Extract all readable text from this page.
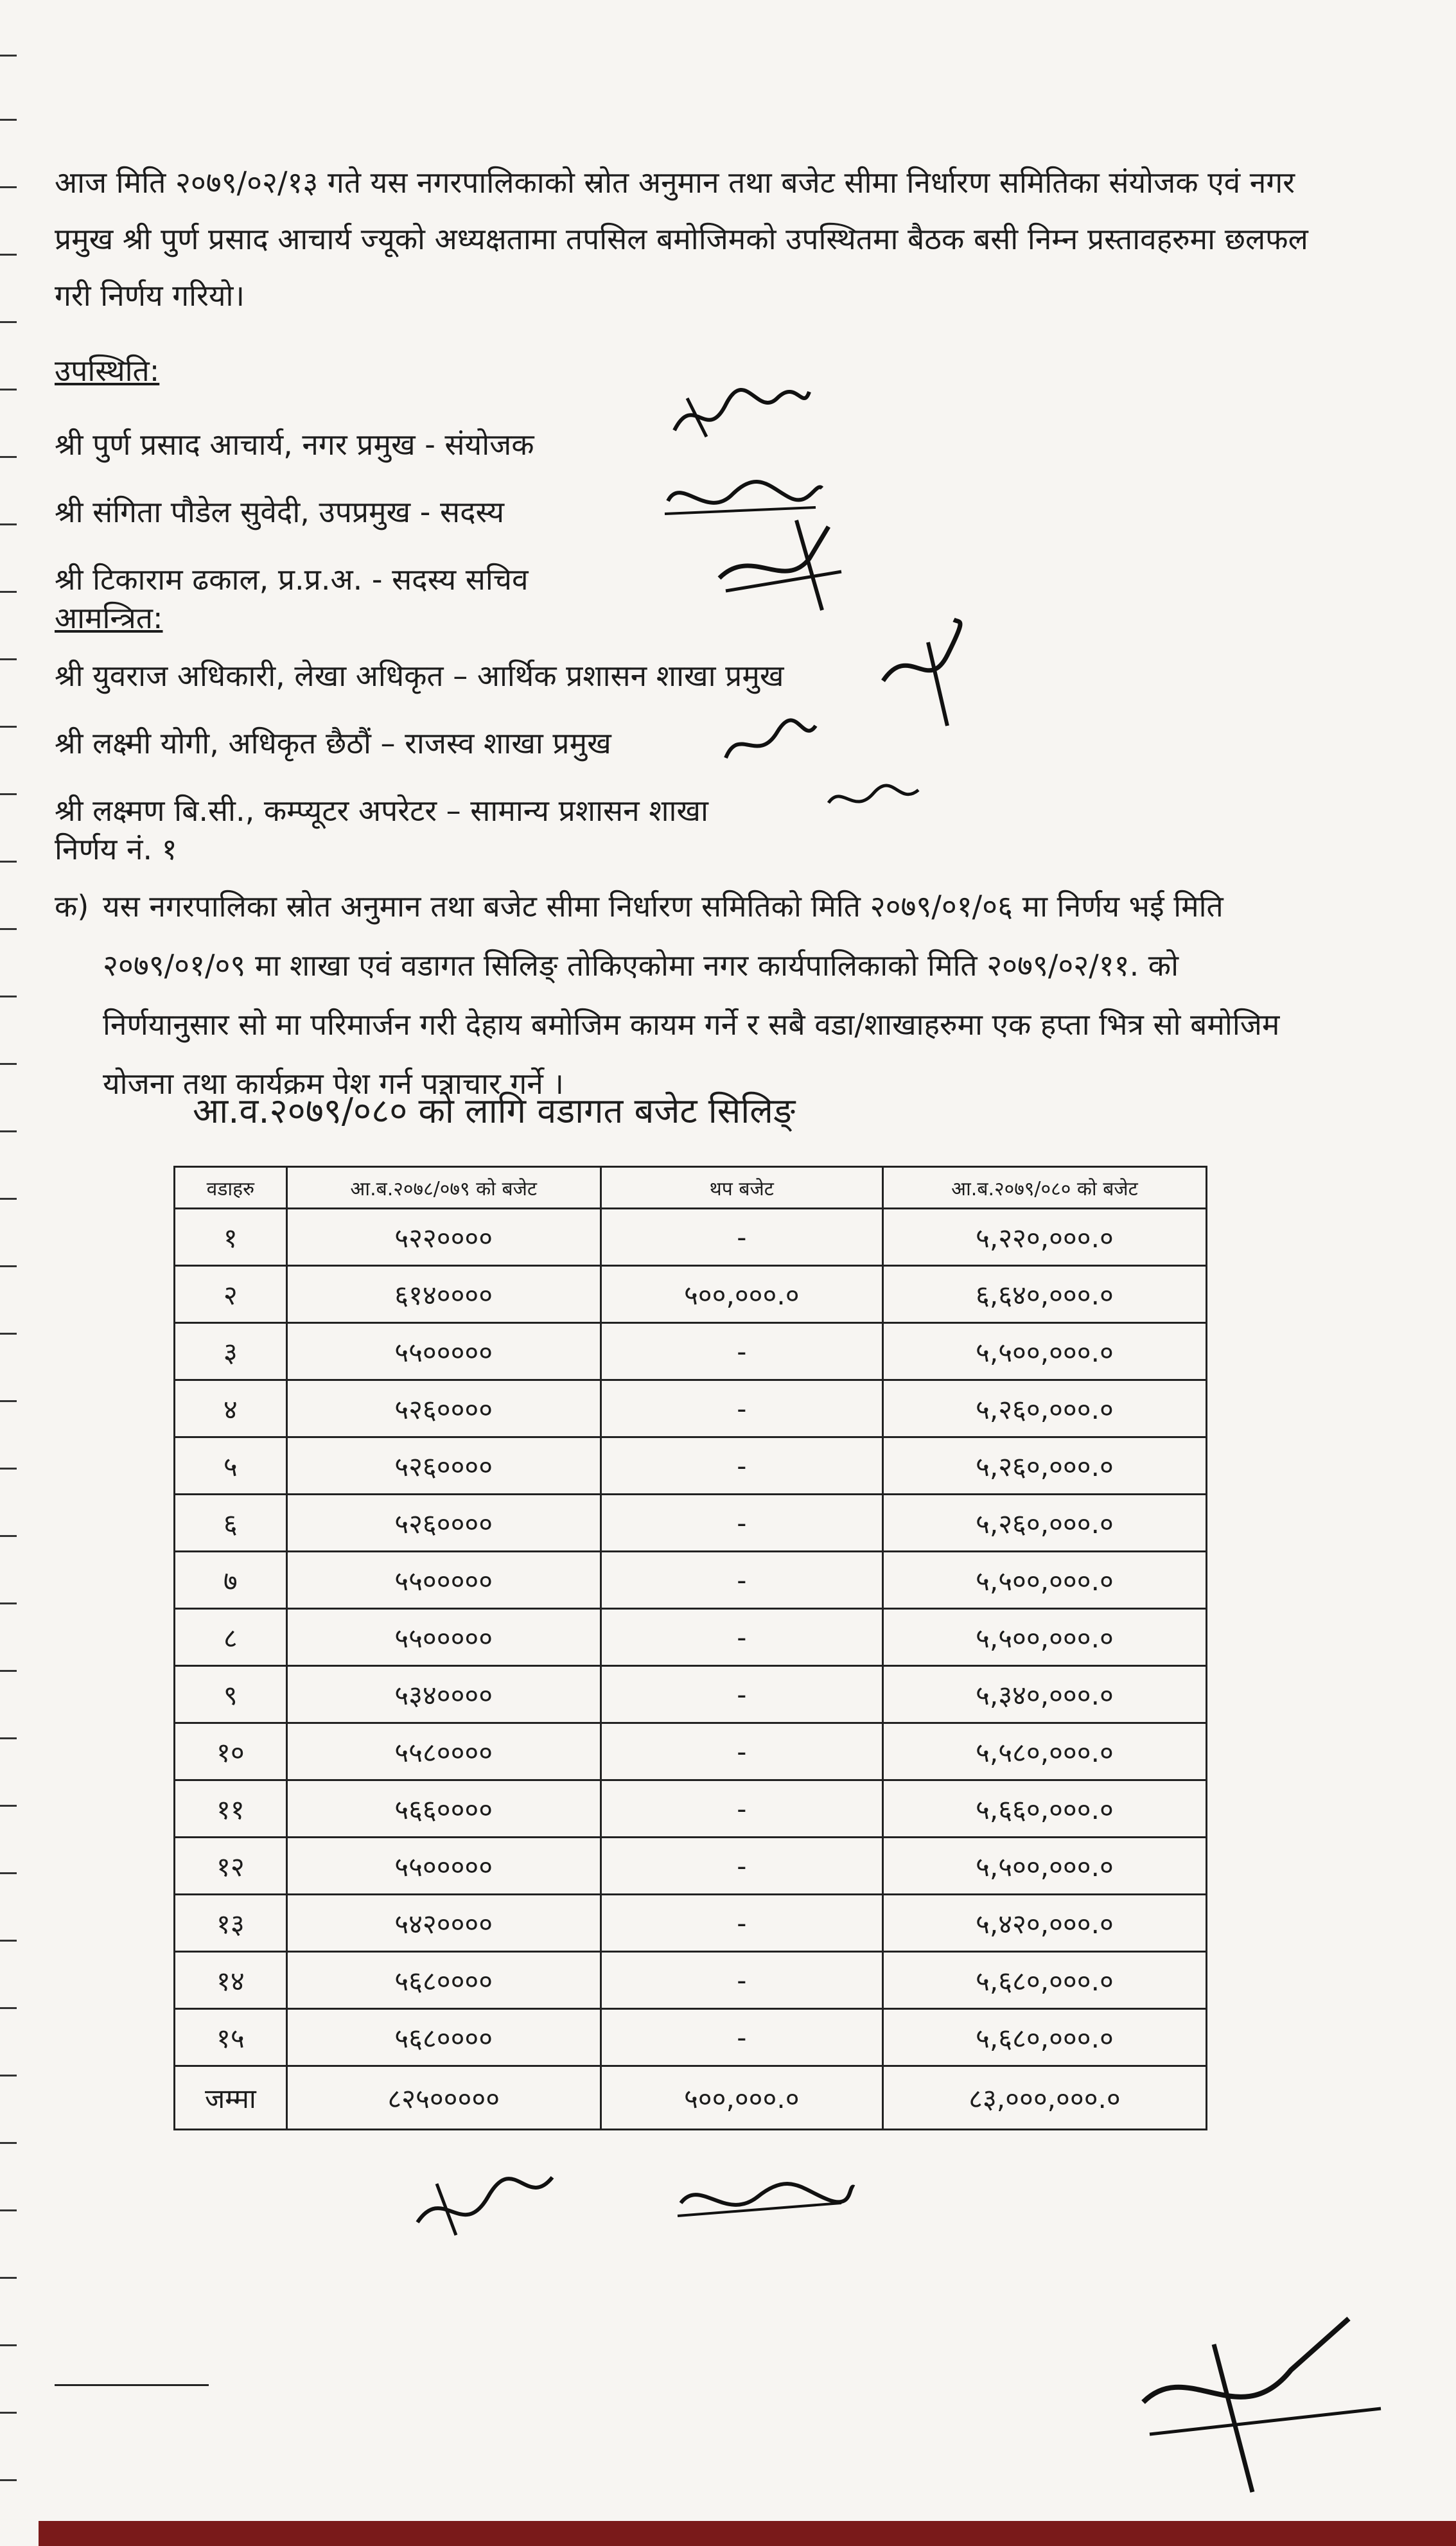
आज मिति २०७९/०२/१३ गते यस नगरपालिकाको स्रोत अनुमान तथा बजेट सीमा निर्धारण समितिका संयोजक एवं नगर प्रमुख श्री पुर्ण प्रसाद आचार्य ज्यूको अध्यक्षतामा तपसिल बमोजिमको उपस्थितमा बैठक बसी निम्न प्रस्तावहरुमा छलफल गरी निर्णय गरियो।
उपस्थिति:
श्री पुर्ण प्रसाद आचार्य, नगर प्रमुख - संयोजक
श्री संगिता पौडेल सुवेदी, उपप्रमुख - सदस्य
श्री टिकाराम ढकाल, प्र.प्र.अ. - सदस्य सचिव
आमन्त्रित:
श्री युवराज अधिकारी, लेखा अधिकृत – आर्थिक प्रशासन शाखा प्रमुख
श्री लक्ष्मी योगी, अधिकृत छैठौं – राजस्व शाखा प्रमुख
श्री लक्ष्मण बि.सी., कम्प्यूटर अपरेटर – सामान्य प्रशासन शाखा
निर्णय नं. १
क) यस नगरपालिका स्रोत अनुमान तथा बजेट सीमा निर्धारण समितिको मिति २०७९/०१/०६ मा निर्णय भई मिति २०७९/०१/०९ मा शाखा एवं वडागत सिलिङ् तोकिएकोमा नगर कार्यपालिकाको मिति २०७९/०२/११. को निर्णयानुसार सो मा परिमार्जन गरी देहाय बमोजिम कायम गर्ने र सबै वडा/शाखाहरुमा एक हप्ता भित्र सो बमोजिम योजना तथा कार्यक्रम पेश गर्न पत्राचार गर्ने ।
आ.व.२०७९/०८० को लागि वडागत बजेट सिलिङ्
वडाहरु	आ.ब.२०७८/०७९ को बजेट	थप बजेट	आ.ब.२०७९/०८० को बजेट
१	५२२००००	-	५,२२०,०००.०
२	६१४००००	५००,०००.०	६,६४०,०००.०
३	५५०००००	-	५,५००,०००.०
४	५२६००००	-	५,२६०,०००.०
५	५२६००००	-	५,२६०,०००.०
६	५२६००००	-	५,२६०,०००.०
७	५५०००००	-	५,५००,०००.०
८	५५०००००	-	५,५००,०००.०
९	५३४००००	-	५,३४०,०००.०
१०	५५८००००	-	५,५८०,०००.०
११	५६६००००	-	५,६६०,०००.०
१२	५५०००००	-	५,५००,०००.०
१३	५४२००००	-	५,४२०,०००.०
१४	५६८००००	-	५,६८०,०००.०
१५	५६८००००	-	५,६८०,०००.०
जम्मा	८२५०००००	५००,०००.०	८३,०००,०००.०
